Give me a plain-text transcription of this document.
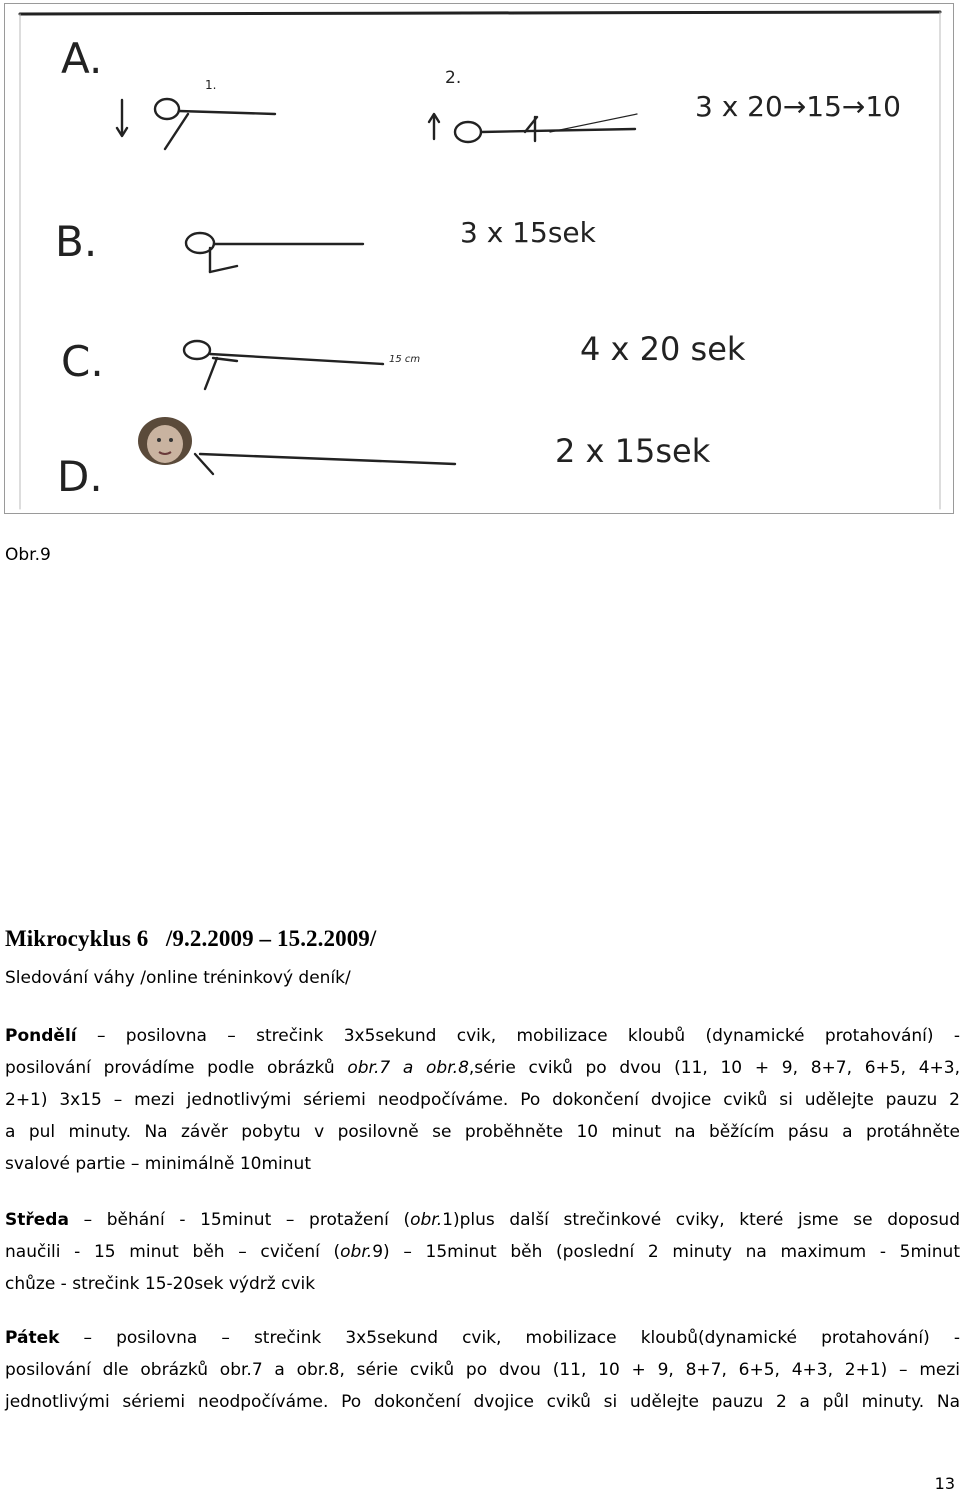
A.
B.
C.
D.
1.	2.
3 x 20→15→10
3 x 15sek
4 x 20 sek
15 cm
2 x 15sek
Obr.9
Mikrocyklus 6   /9.2.2009 – 15.2.2009/
Sledování váhy /online tréninkový deník/
Pondělí – posilovna – strečink 3x5sekund cvik, mobilizace kloubů (dynamické protahování) -
posilování provádíme podle obrázků obr.7 a obr.8,série cviků po dvou (11, 10 + 9, 8+7, 6+5, 4+3,
2+1) 3x15 – mezi jednotlivými sériemi neodpočíváme. Po dokončení dvojice cviků si udělejte pauzu 2
a pul minuty. Na závěr pobytu v posilovně se proběhněte 10 minut na běžícím pásu a protáhněte
svalové partie – minimálně 10minut
Středa – běhání - 15minut – protažení (obr.1)plus další strečinkové cviky, které jsme se doposud
naučili - 15 minut běh – cvičení (obr.9) – 15minut běh (poslední 2 minuty na maximum - 5minut
chůze - strečink 15-20sek výdrž cvik
Pátek – posilovna – strečink 3x5sekund cvik, mobilizace kloubů(dynamické protahování) -
posilování dle obrázků obr.7 a obr.8, série cviků po dvou (11, 10 + 9, 8+7, 6+5, 4+3, 2+1) – mezi
jednotlivými sériemi neodpočíváme. Po dokončení dvojice cviků si udělejte pauzu 2 a půl minuty. Na
13
